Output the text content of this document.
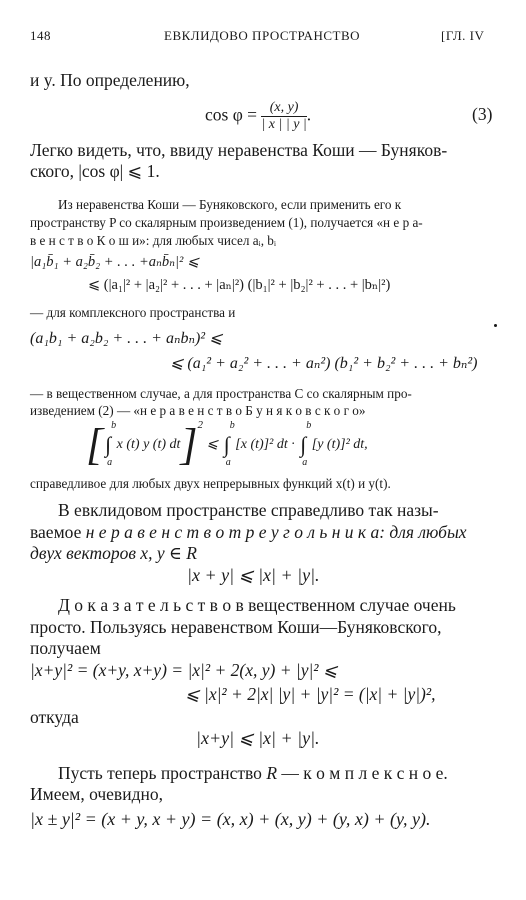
148	ЕВКЛИДОВО ПРОСТРАНСТВО	[ГЛ. IV
и y. По определению,
$\cos \varphi = \frac{(x, y)}{| x | | y |}$ .	(3)
Легко видеть, что, ввиду неравенства Коши — Буняков-
ского, |cos φ| ⩽ 1.
Из неравенства Коши — Буняковского, если применить его к
пространству P со скалярным произведением (1), получается «н е р а-
в е н с т в о К о ш и»: для любых чисел aᵢ, bᵢ
|a₁b̄₁ + a₂b̄₂ + . . . +aₙb̄ₙ|² ⩽
⩽ (|a₁|² + |a₂|² + . . . + |aₙ|²) (|b₁|² + |b₂|² + . . . + |bₙ|²)
— для комплексного пространства и
(a₁b₁ + a₂b₂ + . . . + aₙbₙ)² ⩽
⩽ (a₁² + a₂² + . . . + aₙ²) (b₁² + b₂² + . . . + bₙ²)
— в вещественном случае, а для пространства C со скалярным про-
изведением (2) — «н е р а в е н с т в о Б у н я к о в с к о г о»
[∫
b
a
x (t) y (t) dt]$^2$ ⩽ ∫
b
a
[x (t)]² dt · ∫
b
a
[y (t)]² dt,
справедливое для любых двух непрерывных функций x(t) и y(t).
В евклидовом пространстве справедливо так назы-
ваемое н е р а в е н с т в о т р е у г о л ь н и к а: для любых
двух векторов x, y ∈ R
|x + y| ⩽ |x| + |y|.
Д о к а з а т е л ь с т в о в вещественном случае очень
просто. Пользуясь неравенством Коши—Буняковского,
получаем
|x+y|² = (x+y, x+y) = |x|² + 2(x, y) + |y|² ⩽
⩽ |x|² + 2|x| |y| + |y|² = (|x| + |y|)²,
откуда
|x+y| ⩽ |x| + |y|.
Пусть теперь пространство R — к о м п л е к с н о е.
Имеем, очевидно,
|x ± y|² = (x + y, x + y) = (x, x) + (x, y) + (y, x) + (y, y).
